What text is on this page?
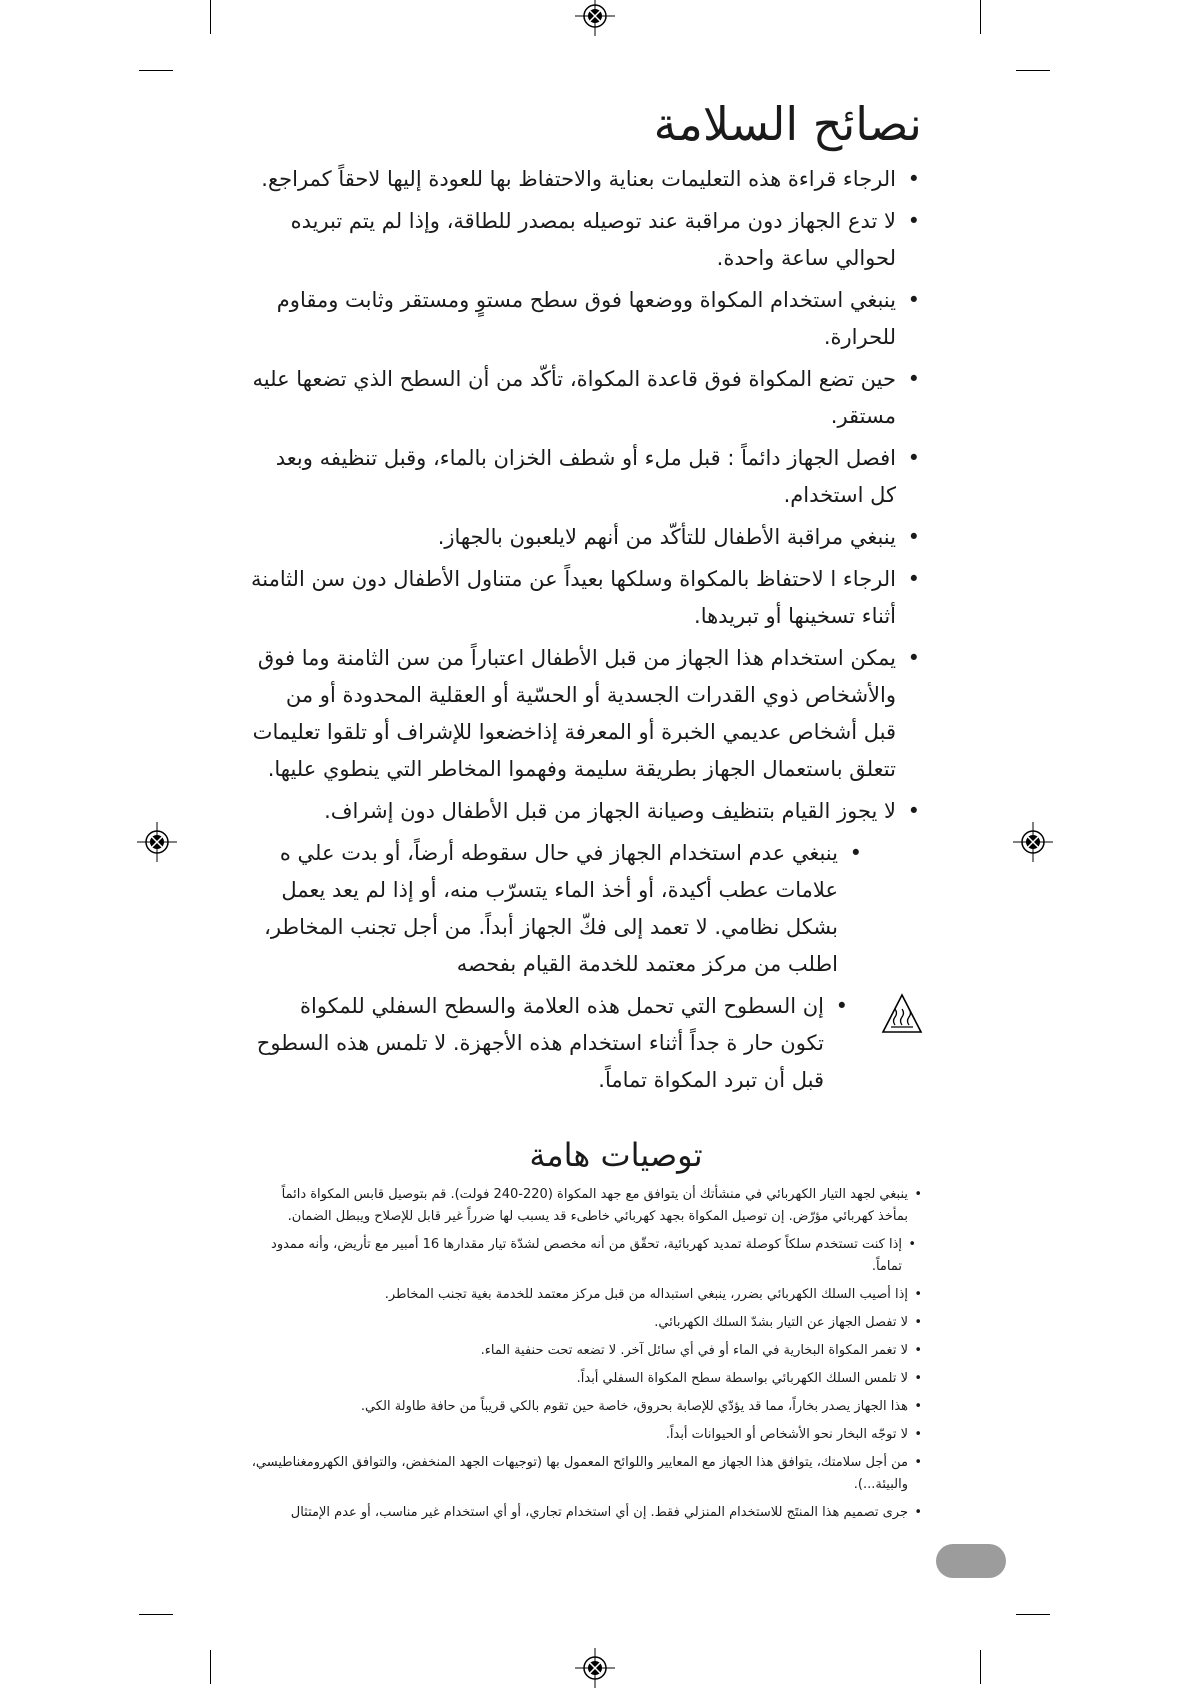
نصائح السلامة
• الرجاء قراءة هذه التعليمات بعناية والاحتفاظ بها للعودة إليها لاحقاً كمراجع.
• لا تدع الجهاز دون مراقبة عند توصيله بمصدر للطاقة، وإذا لم يتم تبريده لحوالي ساعة واحدة.
• ينبغي استخدام المكواة ووضعها فوق سطح مستوٍ ومستقر وثابت ومقاوم للحرارة.
• حين تضع المكواة فوق قاعدة المكواة، تأكّد من أن السطح الذي تضعها عليه مستقر.
• افصل الجهاز دائماً : قبل ملء أو شطف الخزان بالماء، وقبل تنظيفه وبعد كل استخدام.
• ينبغي مراقبة الأطفال للتأكّد من أنهم لايلعبون بالجهاز.
• الرجاء ا لاحتفاظ بالمكواة وسلكها بعيداً عن متناول الأطفال دون سن الثامنة أثناء تسخينها أو تبريدها.
• يمكن استخدام هذا الجهاز من قبل الأطفال اعتباراً من سن الثامنة وما فوق والأشخاص ذوي القدرات الجسدية أو الحسّية أو العقلية المحدودة أو من قبل أشخاص عديمي الخبرة أو المعرفة إذاخضعوا للإشراف أو تلقوا تعليمات تتعلق باستعمال الجهاز بطريقة سليمة وفهموا المخاطر التي ينطوي عليها.
• لا يجوز القيام بتنظيف وصيانة الجهاز من قبل الأطفال دون إشراف.
• ينبغي عدم استخدام الجهاز في حال سقوطه أرضاً، أو بدت علي ه علامات عطب أكيدة، أو أخذ الماء يتسرّب منه، أو إذا لم يعد يعمل بشكل نظامي. لا تعمد إلى فكّ الجهاز أبداً. من أجل تجنب المخاطر، اطلب من مركز معتمد للخدمة القيام بفحصه
• إن السطوح التي تحمل هذه العلامة والسطح السفلي للمكواة تكون حار ة جداً أثناء استخدام هذه الأجهزة. لا تلمس هذه السطوح قبل أن تبرد المكواة تماماً.
توصيات هامة
• ينبغي لجهد التيار الكهربائي في منشأتك أن يتوافق مع جهد المكواة (220-240 فولت). قم بتوصيل قابس المكواة دائماً بمأخذ كهربائي مؤرّض. إن توصيل المكواة بجهد كهربائي خاطىء قد يسبب لها ضرراً غير قابل للإصلاح ويبطل الضمان.
• إذا كنت تستخدم سلكاً كوصلة تمديد كهربائية، تحقّق من أنه مخصص لشدّة تيار مقدارها 16 أمبير مع تأريض، وأنه ممدود تماماً.
• إذا أصيب السلك الكهربائي بضرر، ينبغي استبداله من قبل مركز معتمد للخدمة بغية تجنب المخاطر.
• لا تفصل الجهاز عن التيار بشدّ السلك الكهربائي.
• لا تغمر المكواة البخارية في الماء أو في أي سائل آخر. لا تضعه تحت حنفية الماء.
• لا تلمس السلك الكهربائي بواسطة سطح المكواة السفلي أبداً.
• هذا الجهاز يصدر بخاراً، مما قد يؤدّي للإصابة بحروق، خاصة حين تقوم بالكي قريباً من حافة طاولة الكي.
• لا توجّه البخار نحو الأشخاص أو الحيوانات أبداً.
• من أجل سلامتك، يتوافق هذا الجهاز مع المعايير واللوائح المعمول بها (توجيهات الجهد المنخفض، والتوافق الكهرومغناطيسي، والبيئة...).
• جرى تصميم هذا المنتَج للاستخدام المنزلي فقط. إن أي استخدام تجاري، أو أي استخدام غير مناسب، أو عدم الإمتثال
